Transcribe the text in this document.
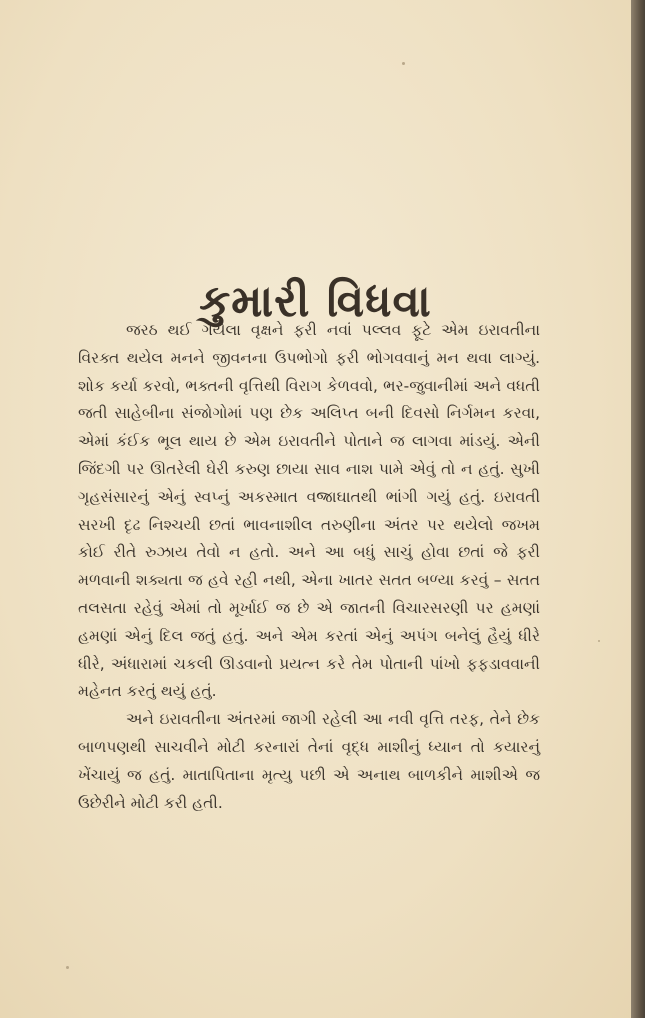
કુમારી વિધવા

જરઠ થઈ ગયેલા વૃક્ષને ફરી નવાં પલ્લવ ફૂટે એમ ઇરાવતીના વિરક્ત થયેલ મનને જીવનના ઉપભોગો ફરી ભોગવવાનું મન થવા લાગ્યું. શોક કર્યા કરવો, ભક્તની વૃત્તિથી વિરાગ કેળવવો, ભર-જુવાનીમાં અને વધતી જતી સાહેબીના સંજોગોમાં પણ છેક અલિપ્ત બની દિવસો નિર્ગમન કરવા, એમાં કંઈક ભૂલ થાય છે એમ ઇરાવતીને પોતાને જ લાગવા માંડયું. એની જિંદગી પર ઊતરેલી ઘેરી કરુણ છાયા સાવ નાશ પામે એવું તો ન હતું. સુખી ગૃહસંસારનું એનું સ્વપ્નું અકસ્માત વજ્રાઘાતથી ભાંગી ગયું હતું. ઇરાવતી સરખી દૃઢ નિશ્ચયી છતાં ભાવનાશીલ તરુણીના અંતર પર થયેલો જખમ કોઈ રીતે રુઝાય તેવો ન હતો. અને આ બધું સાચું હોવા છતાં જે ફરી મળવાની શક્યતા જ હવે રહી નથી, એના ખાતર સતત બળ્યા કરવું – સતત તલસતા રહેવું એમાં તો મૂર્ખાઈ જ છે એ જાતની વિચારસરણી પર હમણાં હમણાં એનું દિલ જતું હતું. અને એમ કરતાં એનું અપંગ બનેલું હૈયું ધીરે ધીરે, અંધારામાં ચકલી ઊડવાનો પ્રયત્ન કરે તેમ પોતાની પાંખો ફફડાવવાની મહેનત કરતું થયું હતું.

અને ઇરાવતીના અંતરમાં જાગી રહેલી આ નવી વૃત્તિ તરફ, તેને છેક બાળપણથી સાચવીને મોટી કરનારાં તેનાં વૃદ્ધ માશીનું ધ્યાન તો કયારનું ખેંચાયું જ હતું. માતાપિતાના મૃત્યુ પછી એ અનાથ બાળકીને માશીએ જ ઉછેરીને મોટી કરી હતી.
